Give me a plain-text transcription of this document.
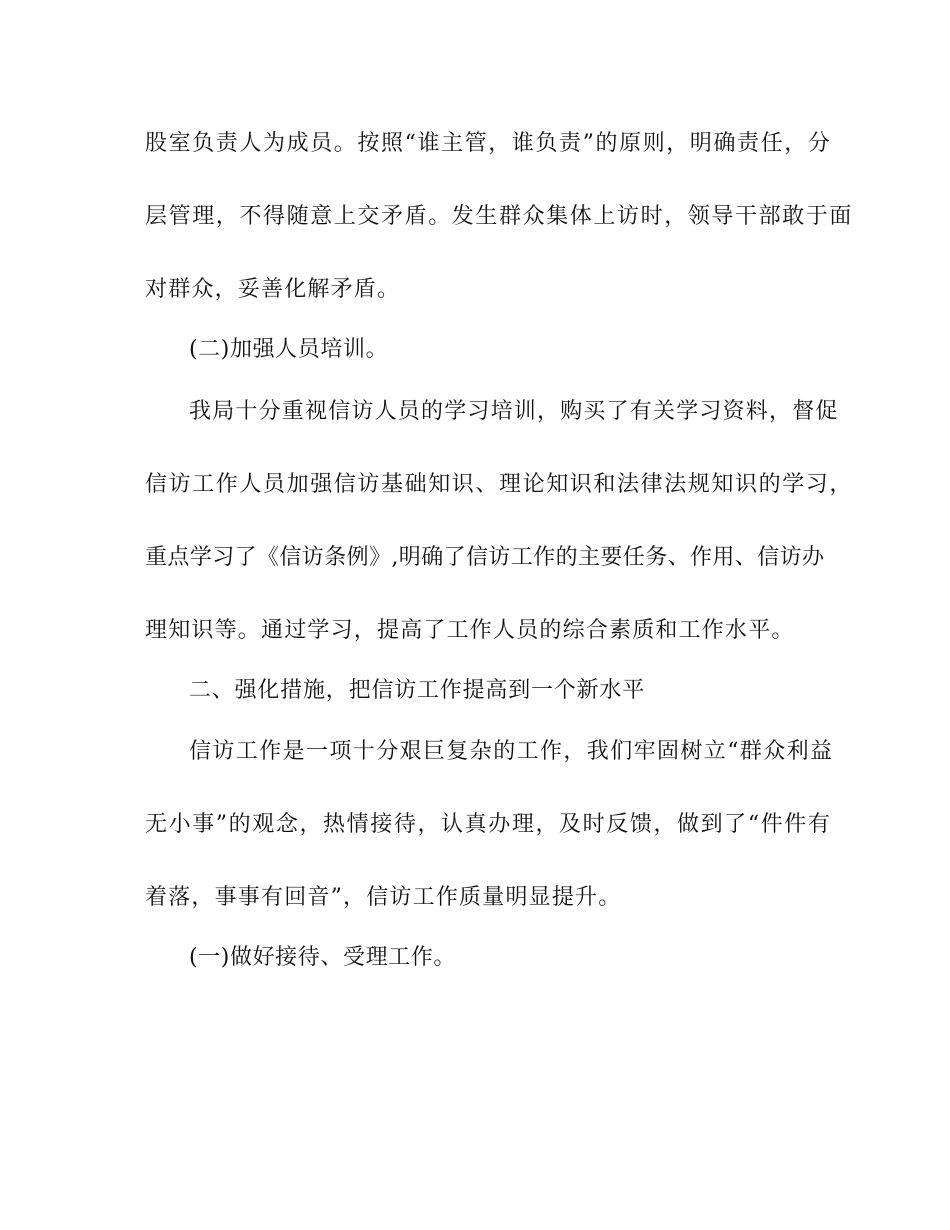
股室负责人为成员。按照“谁主管，谁负责”的原则，明确责任，分
层管理，不得随意上交矛盾。发生群众集体上访时，领导干部敢于面
对群众，妥善化解矛盾。
(二)加强人员培训。
我局十分重视信访人员的学习培训，购买了有关学习资料，督促
信访工作人员加强信访基础知识、理论知识和法律法规知识的学习，
重点学习了《信访条例》,明确了信访工作的主要任务、作用、信访办
理知识等。通过学习，提高了工作人员的综合素质和工作水平。
二、强化措施，把信访工作提高到一个新水平
信访工作是一项十分艰巨复杂的工作，我们牢固树立“群众利益
无小事”的观念，热情接待，认真办理，及时反馈，做到了“件件有
着落，事事有回音”，信访工作质量明显提升。
(一)做好接待、受理工作。
